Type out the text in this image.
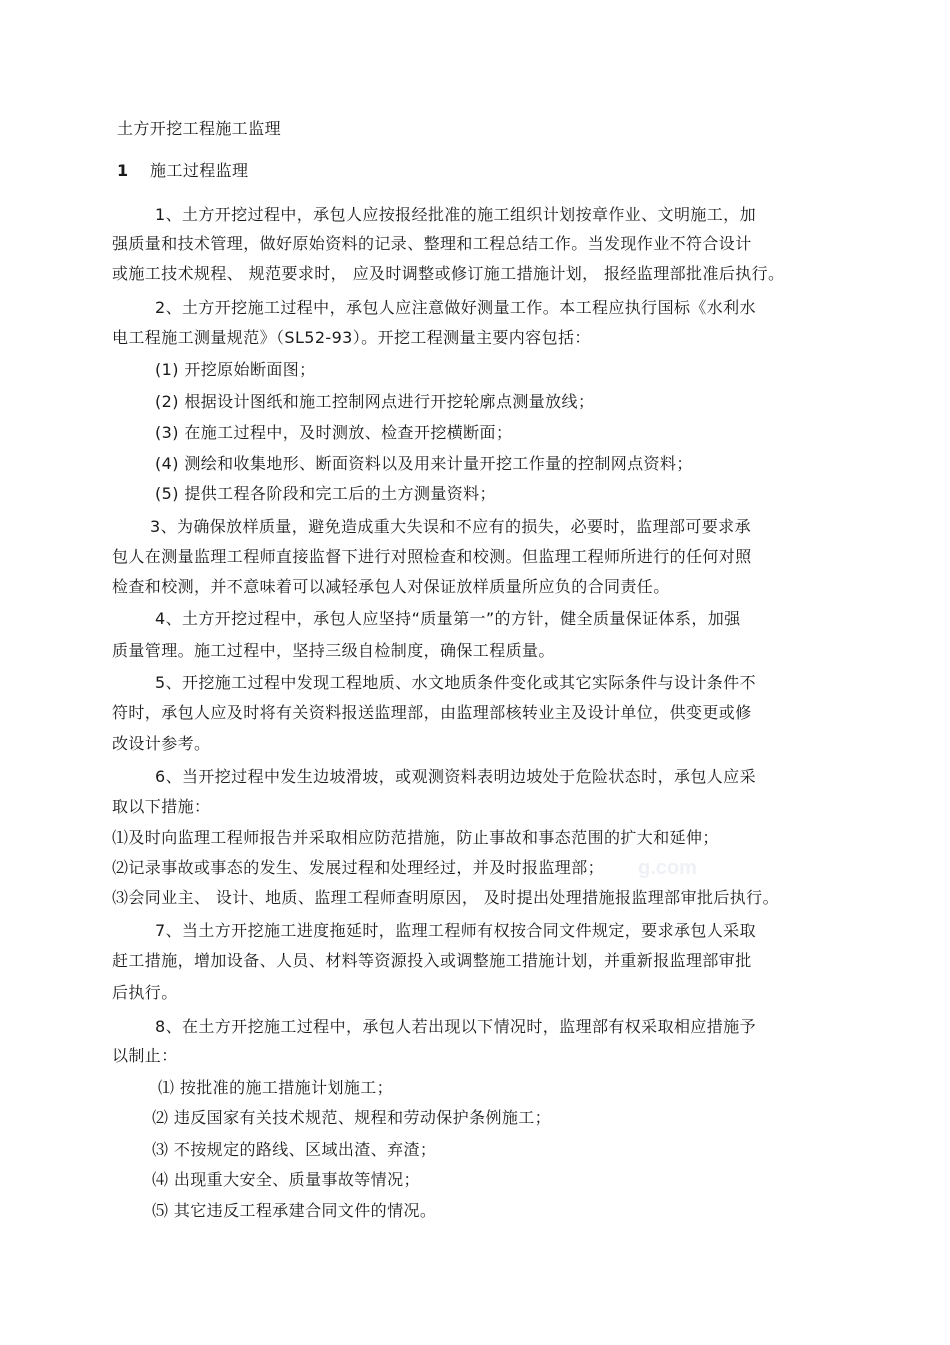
g.com
土方开挖工程施工监理
1 施工过程监理
1、土方开挖过程中，承包人应按报经批准的施工组织计划按章作业、文明施工，加
强质量和技术管理，做好原始资料的记录、整理和工程总结工作。当发现作业不符合设计
或施工技术规程、 规范要求时， 应及时调整或修订施工措施计划， 报经监理部批准后执行。
2、土方开挖施工过程中，承包人应注意做好测量工作。本工程应执行国标《水利水
电工程施工测量规范》（SL52-93）。开挖工程测量主要内容包括：
(1) 开挖原始断面图；
(2) 根据设计图纸和施工控制网点进行开挖轮廓点测量放线；
(3) 在施工过程中，及时测放、检查开挖横断面；
(4) 测绘和收集地形、断面资料以及用来计量开挖工作量的控制网点资料；
(5) 提供工程各阶段和完工后的土方测量资料；
3、为确保放样质量，避免造成重大失误和不应有的损失，必要时，监理部可要求承
包人在测量监理工程师直接监督下进行对照检查和校测。但监理工程师所进行的任何对照
检查和校测，并不意味着可以减轻承包人对保证放样质量所应负的合同责任。
4、土方开挖过程中，承包人应坚持“质量第一”的方针，健全质量保证体系，加强
质量管理。施工过程中，坚持三级自检制度，确保工程质量。
5、开挖施工过程中发现工程地质、水文地质条件变化或其它实际条件与设计条件不
符时，承包人应及时将有关资料报送监理部，由监理部核转业主及设计单位，供变更或修
改设计参考。
6、当开挖过程中发生边坡滑坡，或观测资料表明边坡处于危险状态时，承包人应采
取以下措施：
⑴及时向监理工程师报告并采取相应防范措施，防止事故和事态范围的扩大和延伸；
⑵记录事故或事态的发生、发展过程和处理经过，并及时报监理部；
⑶会同业主、 设计、地质、监理工程师查明原因， 及时提出处理措施报监理部审批后执行。
7、当土方开挖施工进度拖延时，监理工程师有权按合同文件规定，要求承包人采取
赶工措施，增加设备、人员、材料等资源投入或调整施工措施计划，并重新报监理部审批
后执行。
8、在土方开挖施工过程中，承包人若出现以下情况时，监理部有权采取相应措施予
以制止：
⑴ 按批准的施工措施计划施工；
⑵ 违反国家有关技术规范、规程和劳动保护条例施工；
⑶ 不按规定的路线、区域出渣、弃渣；
⑷ 出现重大安全、质量事故等情况；
⑸ 其它违反工程承建合同文件的情况。
